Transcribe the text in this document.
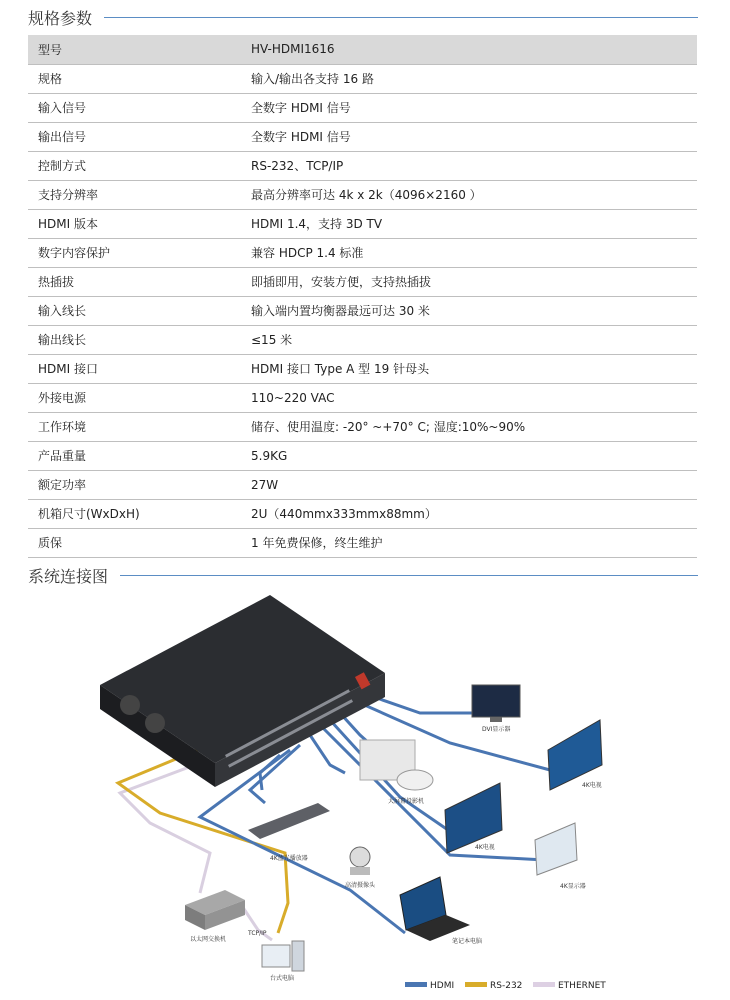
规格参数
型号	HV-HDMI1616
规格	输入/输出各支持 16 路
输入信号	全数字 HDMI 信号
输出信号	全数字 HDMI 信号
控制方式	RS-232、TCP/IP
支持分辨率	最高分辨率可达 4k x 2k（4096×2160 ）
HDMI 版本	HDMI 1.4，支持 3D TV
数字内容保护	兼容 HDCP 1.4 标准
热插拔	即插即用，安装方便，支持热插拔
输入线长	输入端内置均衡器最远可达 30 米
输出线长	≤15 米
HDMI 接口	HDMI 接口 Type A 型 19 针母头
外接电源	110~220 VAC
工作环境	储存、使用温度: -20° ~+70° C; 湿度:10%~90%
产品重量	5.9KG
额定功率	27W
机箱尺寸(WxDxH)	2U（440mmx333mmx88mm）
质保	1 年免费保修，终生维护
系统连接图
DVI显示器
4K电视
大屏幕投影机
4K电视
4K显示器
4K蓝光播放器
高清摄像头
笔记本电脑
以太网交换机
TCP/IP
台式电脑
HDMI	RS-232	ETHERNET
